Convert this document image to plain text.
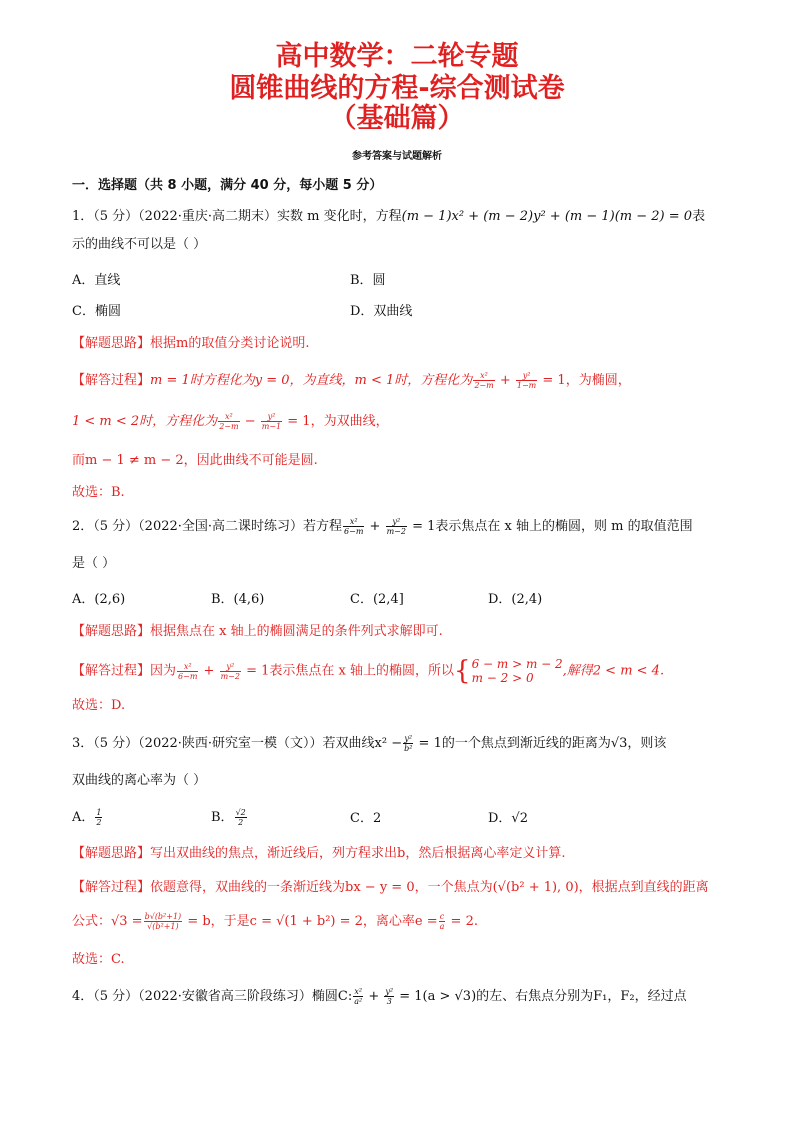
高中数学：二轮专题
圆锥曲线的方程-综合测试卷
（基础篇）
参考答案与试题解析
一．选择题（共 8 小题，满分 40 分，每小题 5 分）
1．（5 分）（2022·重庆·高二期末）实数 m 变化时，方程(m − 1)x² + (m − 2)y² + (m − 1)(m − 2) = 0表
示的曲线不可以是（ ）
A．直线	B．圆
C．椭圆	D．双曲线
【解题思路】根据m的取值分类讨论说明.
【解答过程】m = 1时方程化为y = 0，为直线，m < 1时，方程化为 $\frac{\text{x²}}{2-m} + \frac{\text{y²}}{1-m} = 1$，为椭圆，
1 < m < 2时，方程化为 $\frac{\text{x²}}{2-m} - \frac{\text{y²}}{m-1} = 1$，为双曲线，
而m − 1 ≠ m − 2，因此曲线不可能是圆.
故选：B.
2．（5 分）（2022·全国·高二课时练习）若方程 $\frac{\text{x²}}{6-m} + \frac{\text{y²}}{m-2} = 1$表示焦点在 x 轴上的椭圆，则 m 的取值范围
是（ ）
A．(2,6)	B．(4,6)	C．(2,4]	D．(2,4)
【解题思路】根据焦点在 x 轴上的椭圆满足的条件列式求解即可.
【解答过程】因为 $\frac{\text{x²}}{6-m} + \frac{\text{y²}}{m-2} = 1$表示焦点在 x 轴上的椭圆，所以{ 6 − m > m − 2
m − 2 > 0	,解得2 < m < 4.
故选：D.
3．（5 分）（2022·陕西·研究室一模（文））若双曲线$x^2 - \frac{\text{y²}}{\text{b²}} = 1$的一个焦点到渐近线的距离为√3，则该
双曲线的离心率为（ ）
A． $\frac{1}{2}$	B． $\frac{√2}{2}$	C．2	D．√2
【解题思路】写出双曲线的焦点，渐近线后，列方程求出b，然后根据离心率定义计算.
【解答过程】依题意得，双曲线的一条渐近线为bx − y = 0，一个焦点为(√(b² + 1), 0)，根据点到直线的距离
公式：$√3 = \frac{\text{b√(b²+1)}}{\text{√(b²+1)}} = b$，于是c = √(1 + b²) = 2，离心率$e = \frac{c}{a} = 2$.
故选：C.
4．（5 分）（2022·安徽省高三阶段练习）椭圆C: $\frac{\text{x²}}{\text{a²}} + \frac{\text{y²}}{3} = 1(a > √3)$的左、右焦点分别为F₁，F₂，经过点
